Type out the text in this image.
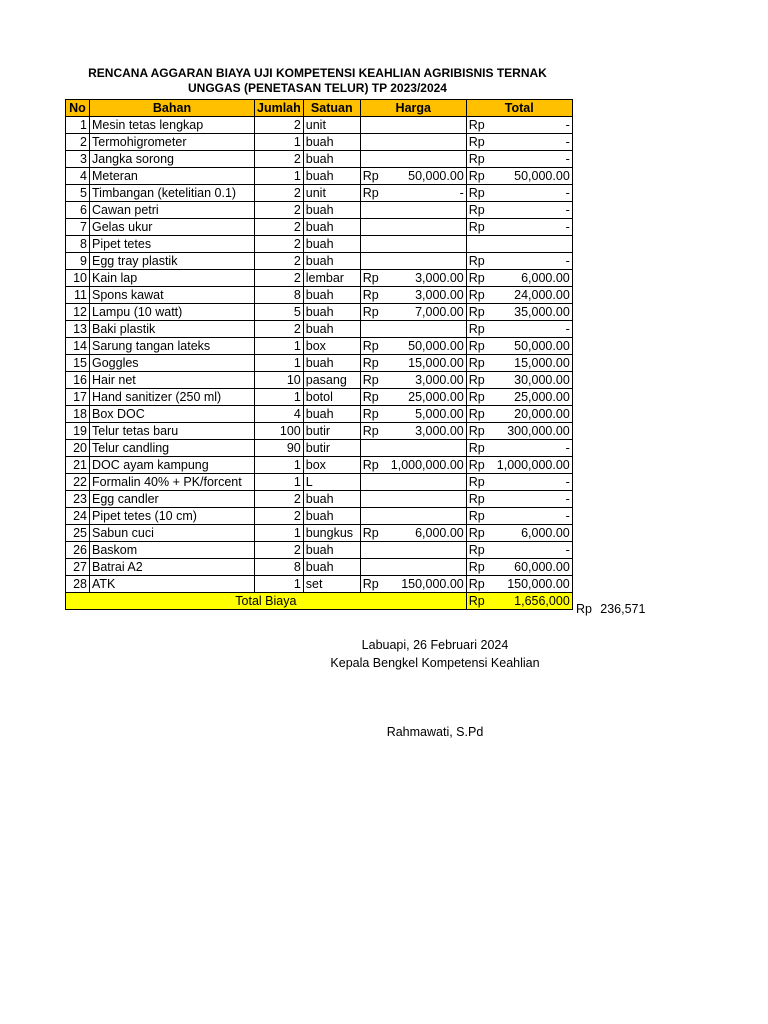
RENCANA AGGARAN BIAYA UJI KOMPETENSI KEAHLIAN AGRIBISNIS TERNAK
UNGGAS (PENETASAN TELUR) TP 2023/2024
No	Bahan	Jumlah	Satuan	Harga	Total
1	Mesin tetas lengkap	2	unit		Rp -

2	Termohigrometer	1	buah		Rp -

3	Jangka sorong	2	buah		Rp -

4	Meteran	1	buah	Rp 50,000.00	Rp 50,000.00

5	Timbangan (ketelitian 0.1)	2	unit	Rp -	Rp -

6	Cawan petri	2	buah		Rp -

7	Gelas ukur	2	buah		Rp -

8	Pipet tetes	2	buah	

9	Egg tray plastik	2	buah		Rp -

10	Kain lap	2	lembar	Rp 3,000.00	Rp 6,000.00

11	Spons kawat	8	buah	Rp 3,000.00	Rp 24,000.00

12	Lampu (10 watt)	5	buah	Rp 7,000.00	Rp 35,000.00

13	Baki plastik	2	buah		Rp -

14	Sarung tangan lateks	1	box	Rp 50,000.00	Rp 50,000.00

15	Goggles	1	buah	Rp 15,000.00	Rp 15,000.00

16	Hair net	10	pasang	Rp 3,000.00	Rp 30,000.00

17	Hand sanitizer (250 ml)	1	botol	Rp 25,000.00	Rp 25,000.00

18	Box DOC	4	buah	Rp 5,000.00	Rp 20,000.00

19	Telur tetas baru	100	butir	Rp 3,000.00	Rp 300,000.00

20	Telur candling	90	butir		Rp -

21	DOC ayam kampung	1	box	Rp 1,000,000.00	Rp 1,000,000.00

22	Formalin 40% + PK/forcent	1	L		Rp -

23	Egg candler	2	buah		Rp -

24	Pipet tetes (10 cm)	2	buah		Rp -

25	Sabun cuci	1	bungkus	Rp 6,000.00	Rp 6,000.00

26	Baskom	2	buah		Rp -

27	Batrai A2	8	buah		Rp 60,000.00

28	ATK	1	set	Rp 150,000.00	Rp 150,000.00

Total Biaya					Rp 1,656,000
Rp 236,571
Labuapi, 26 Februari 2024
Kepala Bengkel Kompetensi Keahlian
Rahmawati, S.Pd
